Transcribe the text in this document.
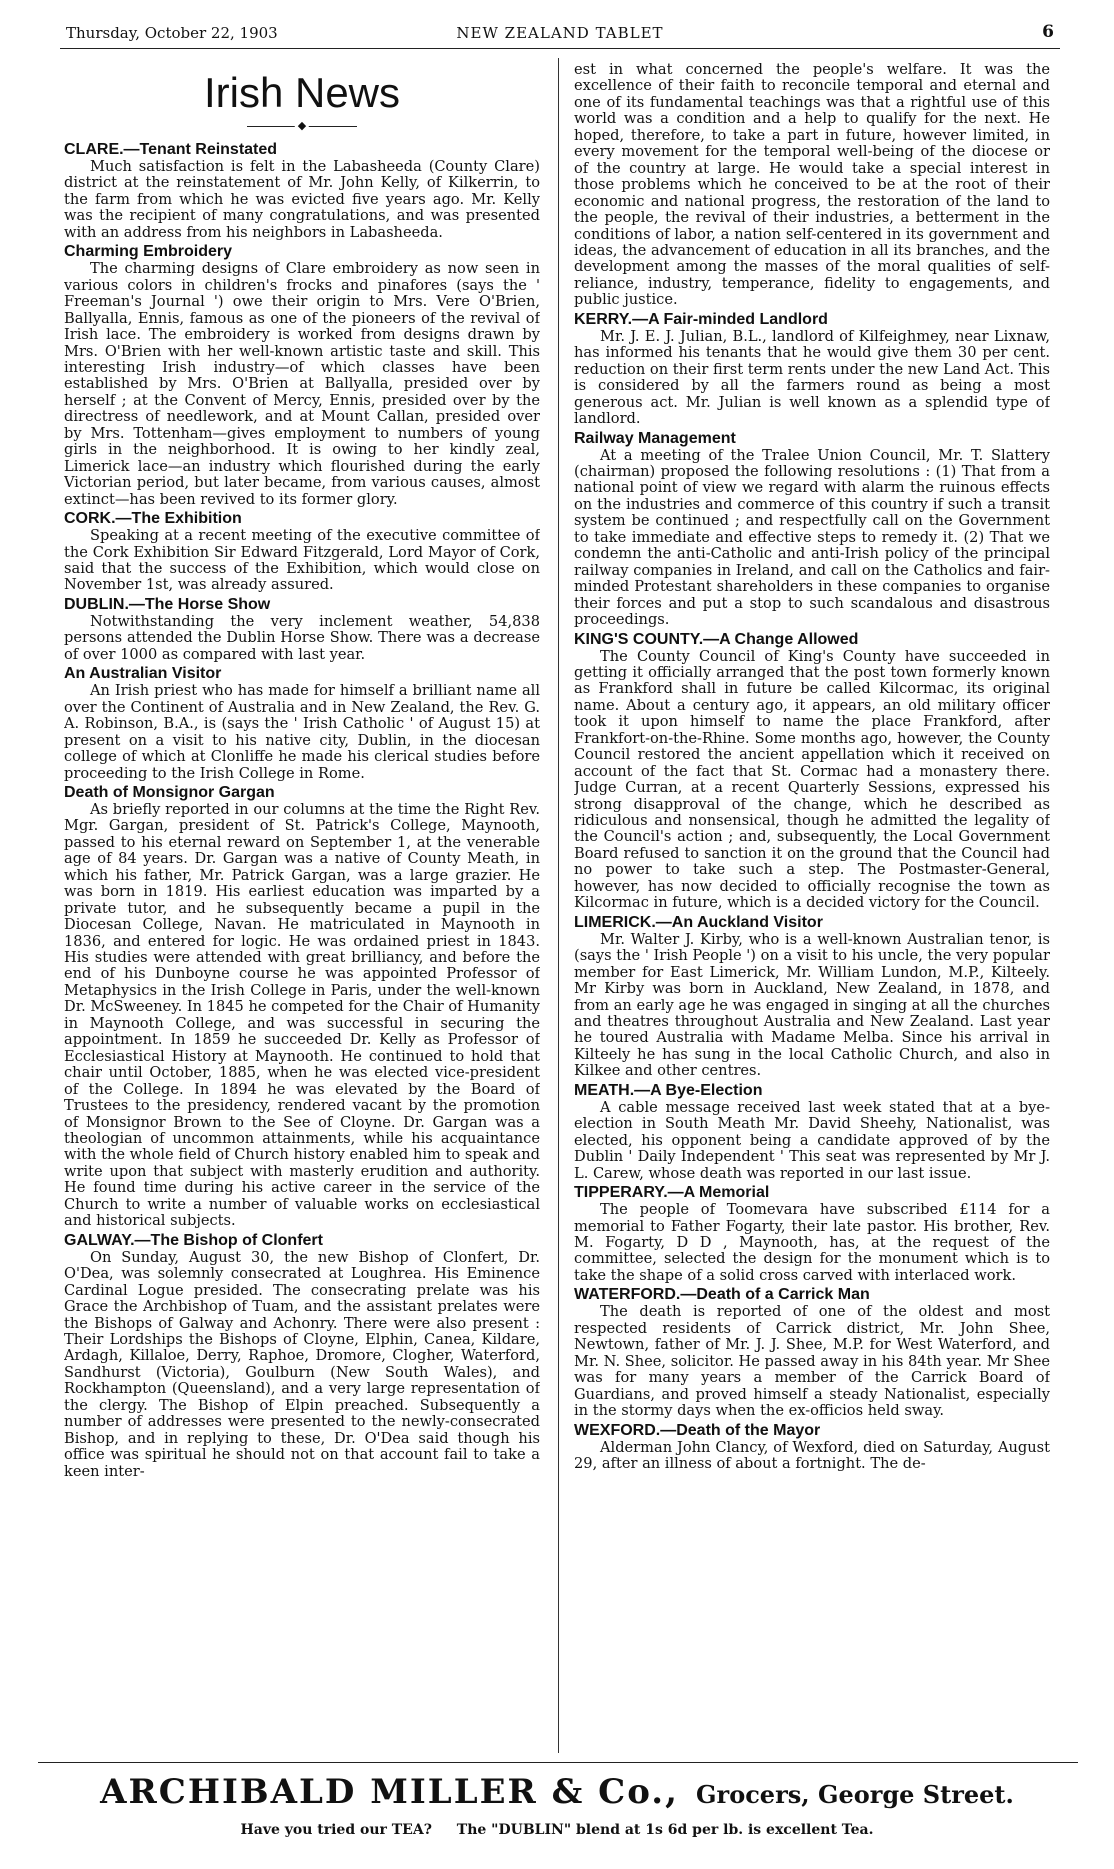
Thursday, October 22, 1903	NEW ZEALAND TABLET	6
Irish News
◆
CLARE.—Tenant Reinstated

Much satisfaction is felt in the Labasheeda (County Clare) district at the reinstatement of Mr. John Kelly, of Kilkerrin, to the farm from which he was evicted five years ago. Mr. Kelly was the recipient of many congratulations, and was presented with an address from his neighbors in Labasheeda.

Charming Embroidery

The charming designs of Clare embroidery as now seen in various colors in children's frocks and pinafores (says the ' Freeman's Journal ') owe their origin to Mrs. Vere O'Brien, Ballyalla, Ennis, famous as one of the pioneers of the revival of Irish lace. The embroidery is worked from designs drawn by Mrs. O'Brien with her well-known artistic taste and skill. This interesting Irish industry—of which classes have been established by Mrs. O'Brien at Ballyalla, presided over by herself ; at the Convent of Mercy, Ennis, presided over by the directress of needlework, and at Mount Callan, presided over by Mrs. Tottenham—gives employment to numbers of young girls in the neighborhood. It is owing to her kindly zeal, Limerick lace—an industry which flourished during the early Victorian period, but later became, from various causes, almost extinct—has been revived to its former glory.

CORK.—The Exhibition

Speaking at a recent meeting of the executive committee of the Cork Exhibition Sir Edward Fitzgerald, Lord Mayor of Cork, said that the success of the Exhibition, which would close on November 1st, was already assured.

DUBLIN.—The Horse Show

Notwithstanding the very inclement weather, 54,838 persons attended the Dublin Horse Show. There was a decrease of over 1000 as compared with last year.

An Australian Visitor

An Irish priest who has made for himself a brilliant name all over the Continent of Australia and in New Zealand, the Rev. G. A. Robinson, B.A., is (says the ' Irish Catholic ' of August 15) at present on a visit to his native city, Dublin, in the diocesan college of which at Clonliffe he made his clerical studies before proceeding to the Irish College in Rome.

Death of Monsignor Gargan

As briefly reported in our columns at the time the Right Rev. Mgr. Gargan, president of St. Patrick's College, Maynooth, passed to his eternal reward on September 1, at the venerable age of 84 years. Dr. Gargan was a native of County Meath, in which his father, Mr. Patrick Gargan, was a large grazier. He was born in 1819. His earliest education was imparted by a private tutor, and he subsequently became a pupil in the Diocesan College, Navan. He matriculated in Maynooth in 1836, and entered for logic. He was ordained priest in 1843. His studies were attended with great brilliancy, and before the end of his Dunboyne course he was appointed Professor of Metaphysics in the Irish College in Paris, under the well-known Dr. McSweeney. In 1845 he competed for the Chair of Humanity in Maynooth College, and was successful in securing the appointment. In 1859 he succeeded Dr. Kelly as Professor of Ecclesiastical History at Maynooth. He continued to hold that chair until October, 1885, when he was elected vice-president of the College. In 1894 he was elevated by the Board of Trustees to the presidency, rendered vacant by the promotion of Monsignor Brown to the See of Cloyne. Dr. Gargan was a theologian of uncommon attainments, while his acquaintance with the whole field of Church history enabled him to speak and write upon that subject with masterly erudition and authority. He found time during his active career in the service of the Church to write a number of valuable works on ecclesiastical and historical subjects.

GALWAY.—The Bishop of Clonfert

On Sunday, August 30, the new Bishop of Clonfert, Dr. O'Dea, was solemnly consecrated at Loughrea. His Eminence Cardinal Logue presided. The consecrating prelate was his Grace the Archbishop of Tuam, and the assistant prelates were the Bishops of Galway and Achonry. There were also present : Their Lordships the Bishops of Cloyne, Elphin, Canea, Kildare, Ardagh, Killaloe, Derry, Raphoe, Dromore, Clogher, Waterford, Sandhurst (Victoria), Goulburn (New South Wales), and Rockhampton (Queensland), and a very large representation of the clergy. The Bishop of Elpin preached. Subsequently a number of addresses were presented to the newly-consecrated Bishop, and in replying to these, Dr. O'Dea said though his office was spiritual he should not on that account fail to take a keen inter-

est in what concerned the people's welfare. It was the excellence of their faith to reconcile temporal and eternal and one of its fundamental teachings was that a rightful use of this world was a condition and a help to qualify for the next. He hoped, therefore, to take a part in future, however limited, in every movement for the temporal well-being of the diocese or of the country at large. He would take a special interest in those problems which he conceived to be at the root of their economic and national progress, the restoration of the land to the people, the revival of their industries, a betterment in the conditions of labor, a nation self-centered in its government and ideas, the advancement of education in all its branches, and the development among the masses of the moral qualities of self-reliance, industry, temperance, fidelity to engagements, and public justice.

KERRY.—A Fair-minded Landlord

Mr. J. E. J. Julian, B.L., landlord of Kilfeighmey, near Lixnaw, has informed his tenants that he would give them 30 per cent. reduction on their first term rents under the new Land Act. This is considered by all the farmers round as being a most generous act. Mr. Julian is well known as a splendid type of landlord.

Railway Management

At a meeting of the Tralee Union Council, Mr. T. Slattery (chairman) proposed the following resolutions : (1) That from a national point of view we regard with alarm the ruinous effects on the industries and commerce of this country if such a transit system be continued ; and respectfully call on the Government to take immediate and effective steps to remedy it. (2) That we condemn the anti-Catholic and anti-Irish policy of the principal railway companies in Ireland, and call on the Catholics and fair-minded Protestant shareholders in these companies to organise their forces and put a stop to such scandalous and disastrous proceedings.

KING'S COUNTY.—A Change Allowed

The County Council of King's County have succeeded in getting it officially arranged that the post town formerly known as Frankford shall in future be called Kilcormac, its original name. About a century ago, it appears, an old military officer took it upon himself to name the place Frankford, after Frankfort-on-the-Rhine. Some months ago, however, the County Council restored the ancient appellation which it received on account of the fact that St. Cormac had a monastery there. Judge Curran, at a recent Quarterly Sessions, expressed his strong disapproval of the change, which he described as ridiculous and nonsensical, though he admitted the legality of the Council's action ; and, subsequently, the Local Government Board refused to sanction it on the ground that the Council had no power to take such a step. The Postmaster-General, however, has now decided to officially recognise the town as Kilcormac in future, which is a decided victory for the Council.

LIMERICK.—An Auckland Visitor

Mr. Walter J. Kirby, who is a well-known Australian tenor, is (says the ' Irish People ') on a visit to his uncle, the very popular member for East Limerick, Mr. William Lundon, M.P., Kilteely. Mr Kirby was born in Auckland, New Zealand, in 1878, and from an early age he was engaged in singing at all the churches and theatres throughout Australia and New Zealand. Last year he toured Australia with Madame Melba. Since his arrival in Kilteely he has sung in the local Catholic Church, and also in Kilkee and other centres.

MEATH.—A Bye-Election

A cable message received last week stated that at a bye-election in South Meath Mr. David Sheehy, Nationalist, was elected, his opponent being a candidate approved of by the Dublin ' Daily Independent ' This seat was represented by Mr J. L. Carew, whose death was reported in our last issue.

TIPPERARY.—A Memorial

The people of Toomevara have subscribed £114 for a memorial to Father Fogarty, their late pastor. His brother, Rev. M. Fogarty, D D , Maynooth, has, at the request of the committee, selected the design for the monument which is to take the shape of a solid cross carved with interlaced work.

WATERFORD.—Death of a Carrick Man

The death is reported of one of the oldest and most respected residents of Carrick district, Mr. John Shee, Newtown, father of Mr. J. J. Shee, M.P. for West Waterford, and Mr. N. Shee, solicitor. He passed away in his 84th year. Mr Shee was for many years a member of the Carrick Board of Guardians, and proved himself a steady Nationalist, especially in the stormy days when the ex-officios held sway.

WEXFORD.—Death of the Mayor

Alderman John Clancy, of Wexford, died on Saturday, August 29, after an illness of about a fortnight. The de-

ARCHIBALD MILLER & Co., Grocers, George Street.
Have you tried our TEA? The "DUBLIN" blend at 1s 6d per lb. is excellent Tea.
